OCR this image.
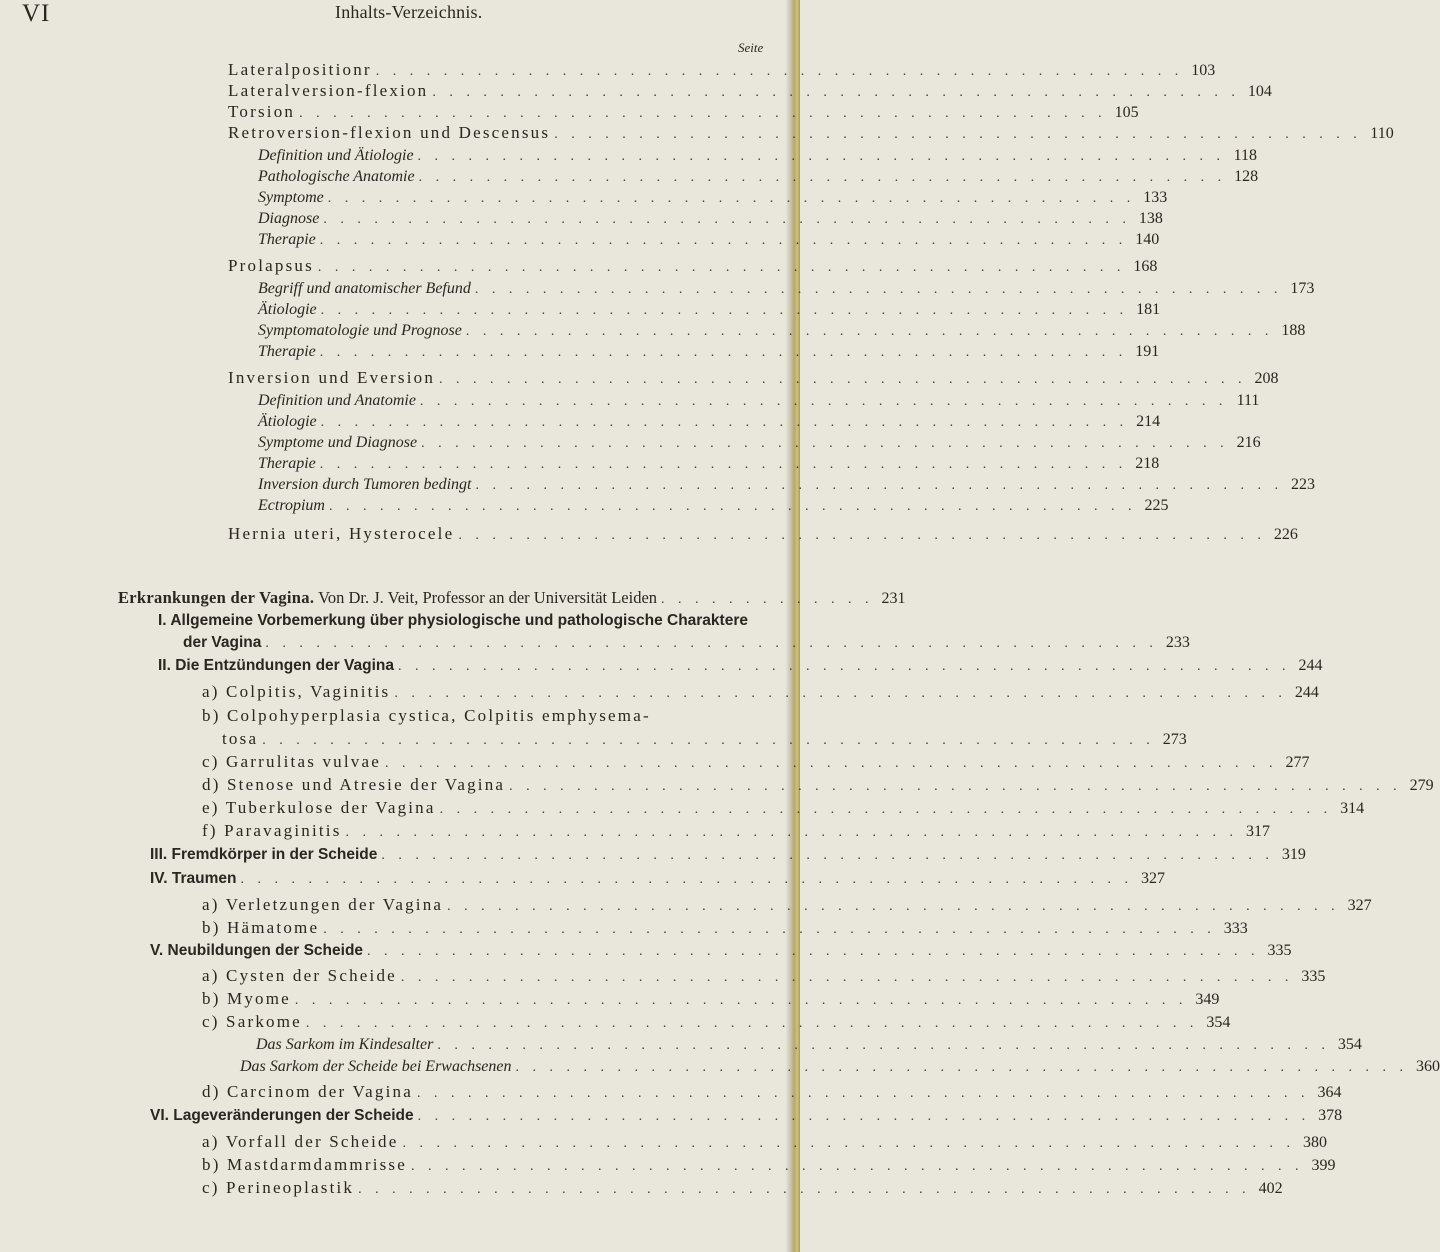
VI	Inhalts-Verzeichnis.
Seite
Lateralpositionr . . . . . . . . . . . . . . . . . . . . . . . . . . . . . . . . . . . . . . . . . . . . . . . . 103
Lateralversion-flexion . . . . . . . . . . . . . . . . . . . . . . . . . . . . . . . . . . . . . . . . . . . . . . . . 104
Torsion . . . . . . . . . . . . . . . . . . . . . . . . . . . . . . . . . . . . . . . . . . . . . . . . 105
Retroversion-flexion und Descensus . . . . . . . . . . . . . . . . . . . . . . . . . . . . . . . . . . . . . . . . . . . . . . . . 110
Definition und Ätiologie . . . . . . . . . . . . . . . . . . . . . . . . . . . . . . . . . . . . . . . . . . . . . . . . 118
Pathologische Anatomie . . . . . . . . . . . . . . . . . . . . . . . . . . . . . . . . . . . . . . . . . . . . . . . . 128
Symptome . . . . . . . . . . . . . . . . . . . . . . . . . . . . . . . . . . . . . . . . . . . . . . . . 133
Diagnose . . . . . . . . . . . . . . . . . . . . . . . . . . . . . . . . . . . . . . . . . . . . . . . . 138
Therapie . . . . . . . . . . . . . . . . . . . . . . . . . . . . . . . . . . . . . . . . . . . . . . . . 140
Prolapsus . . . . . . . . . . . . . . . . . . . . . . . . . . . . . . . . . . . . . . . . . . . . . . . . 168
Begriff und anatomischer Befund . . . . . . . . . . . . . . . . . . . . . . . . . . . . . . . . . . . . . . . . . . . . . . . . 173
Ätiologie . . . . . . . . . . . . . . . . . . . . . . . . . . . . . . . . . . . . . . . . . . . . . . . . 181
Symptomatologie und Prognose . . . . . . . . . . . . . . . . . . . . . . . . . . . . . . . . . . . . . . . . . . . . . . . . 188
Therapie . . . . . . . . . . . . . . . . . . . . . . . . . . . . . . . . . . . . . . . . . . . . . . . . 191
Inversion und Eversion . . . . . . . . . . . . . . . . . . . . . . . . . . . . . . . . . . . . . . . . . . . . . . . . 208
Definition und Anatomie . . . . . . . . . . . . . . . . . . . . . . . . . . . . . . . . . . . . . . . . . . . . . . . . 111
Ätiologie . . . . . . . . . . . . . . . . . . . . . . . . . . . . . . . . . . . . . . . . . . . . . . . . 214
Symptome und Diagnose . . . . . . . . . . . . . . . . . . . . . . . . . . . . . . . . . . . . . . . . . . . . . . . . 216
Therapie . . . . . . . . . . . . . . . . . . . . . . . . . . . . . . . . . . . . . . . . . . . . . . . . 218
Inversion durch Tumoren bedingt . . . . . . . . . . . . . . . . . . . . . . . . . . . . . . . . . . . . . . . . . . . . . . . . 223
Ectropium . . . . . . . . . . . . . . . . . . . . . . . . . . . . . . . . . . . . . . . . . . . . . . . . 225
Hernia uteri, Hysterocele . . . . . . . . . . . . . . . . . . . . . . . . . . . . . . . . . . . . . . . . . . . . . . . . 226
Erkrankungen der Vagina. Von Dr. J. Veit, Professor an der Universität Leiden . . . . . . . . . . . . . 231
I. Allgemeine Vorbemerkung über physiologische und pathologische Charaktere
der Vagina . . . . . . . . . . . . . . . . . . . . . . . . . . . . . . . . . . . . . . . . . . . . . . . . . . . . . 233
II. Die Entzündungen der Vagina . . . . . . . . . . . . . . . . . . . . . . . . . . . . . . . . . . . . . . . . . . . . . . . . . . . . . 244
a) Colpitis, Vaginitis . . . . . . . . . . . . . . . . . . . . . . . . . . . . . . . . . . . . . . . . . . . . . . . . . . . . . 244
b) Colpohyperplasia cystica, Colpitis emphysema-
tosa . . . . . . . . . . . . . . . . . . . . . . . . . . . . . . . . . . . . . . . . . . . . . . . . . . . . . 273
c) Garrulitas vulvae . . . . . . . . . . . . . . . . . . . . . . . . . . . . . . . . . . . . . . . . . . . . . . . . . . . . . 277
d) Stenose und Atresie der Vagina . . . . . . . . . . . . . . . . . . . . . . . . . . . . . . . . . . . . . . . . . . . . . . . . . . . . . 279
e) Tuberkulose der Vagina . . . . . . . . . . . . . . . . . . . . . . . . . . . . . . . . . . . . . . . . . . . . . . . . . . . . . 314
f) Paravaginitis . . . . . . . . . . . . . . . . . . . . . . . . . . . . . . . . . . . . . . . . . . . . . . . . . . . . . 317
III. Fremdkörper in der Scheide . . . . . . . . . . . . . . . . . . . . . . . . . . . . . . . . . . . . . . . . . . . . . . . . . . . . . 319
IV. Traumen . . . . . . . . . . . . . . . . . . . . . . . . . . . . . . . . . . . . . . . . . . . . . . . . . . . . . 327
a) Verletzungen der Vagina . . . . . . . . . . . . . . . . . . . . . . . . . . . . . . . . . . . . . . . . . . . . . . . . . . . . . 327
b) Hämatome . . . . . . . . . . . . . . . . . . . . . . . . . . . . . . . . . . . . . . . . . . . . . . . . . . . . . 333
V. Neubildungen der Scheide . . . . . . . . . . . . . . . . . . . . . . . . . . . . . . . . . . . . . . . . . . . . . . . . . . . . . 335
a) Cysten der Scheide . . . . . . . . . . . . . . . . . . . . . . . . . . . . . . . . . . . . . . . . . . . . . . . . . . . . . 335
b) Myome . . . . . . . . . . . . . . . . . . . . . . . . . . . . . . . . . . . . . . . . . . . . . . . . . . . . . 349
c) Sarkome . . . . . . . . . . . . . . . . . . . . . . . . . . . . . . . . . . . . . . . . . . . . . . . . . . . . . 354
Das Sarkom im Kindesalter . . . . . . . . . . . . . . . . . . . . . . . . . . . . . . . . . . . . . . . . . . . . . . . . . . . . . 354
Das Sarkom der Scheide bei Erwachsenen . . . . . . . . . . . . . . . . . . . . . . . . . . . . . . . . . . . . . . . . . . . . . . . . . . . . . 360
d) Carcinom der Vagina . . . . . . . . . . . . . . . . . . . . . . . . . . . . . . . . . . . . . . . . . . . . . . . . . . . . . 364
VI. Lageveränderungen der Scheide . . . . . . . . . . . . . . . . . . . . . . . . . . . . . . . . . . . . . . . . . . . . . . . . . . . . . 378
a) Vorfall der Scheide . . . . . . . . . . . . . . . . . . . . . . . . . . . . . . . . . . . . . . . . . . . . . . . . . . . . . 380
b) Mastdarmdammrisse . . . . . . . . . . . . . . . . . . . . . . . . . . . . . . . . . . . . . . . . . . . . . . . . . . . . . 399
c) Perineoplastik . . . . . . . . . . . . . . . . . . . . . . . . . . . . . . . . . . . . . . . . . . . . . . . . . . . . . 402
